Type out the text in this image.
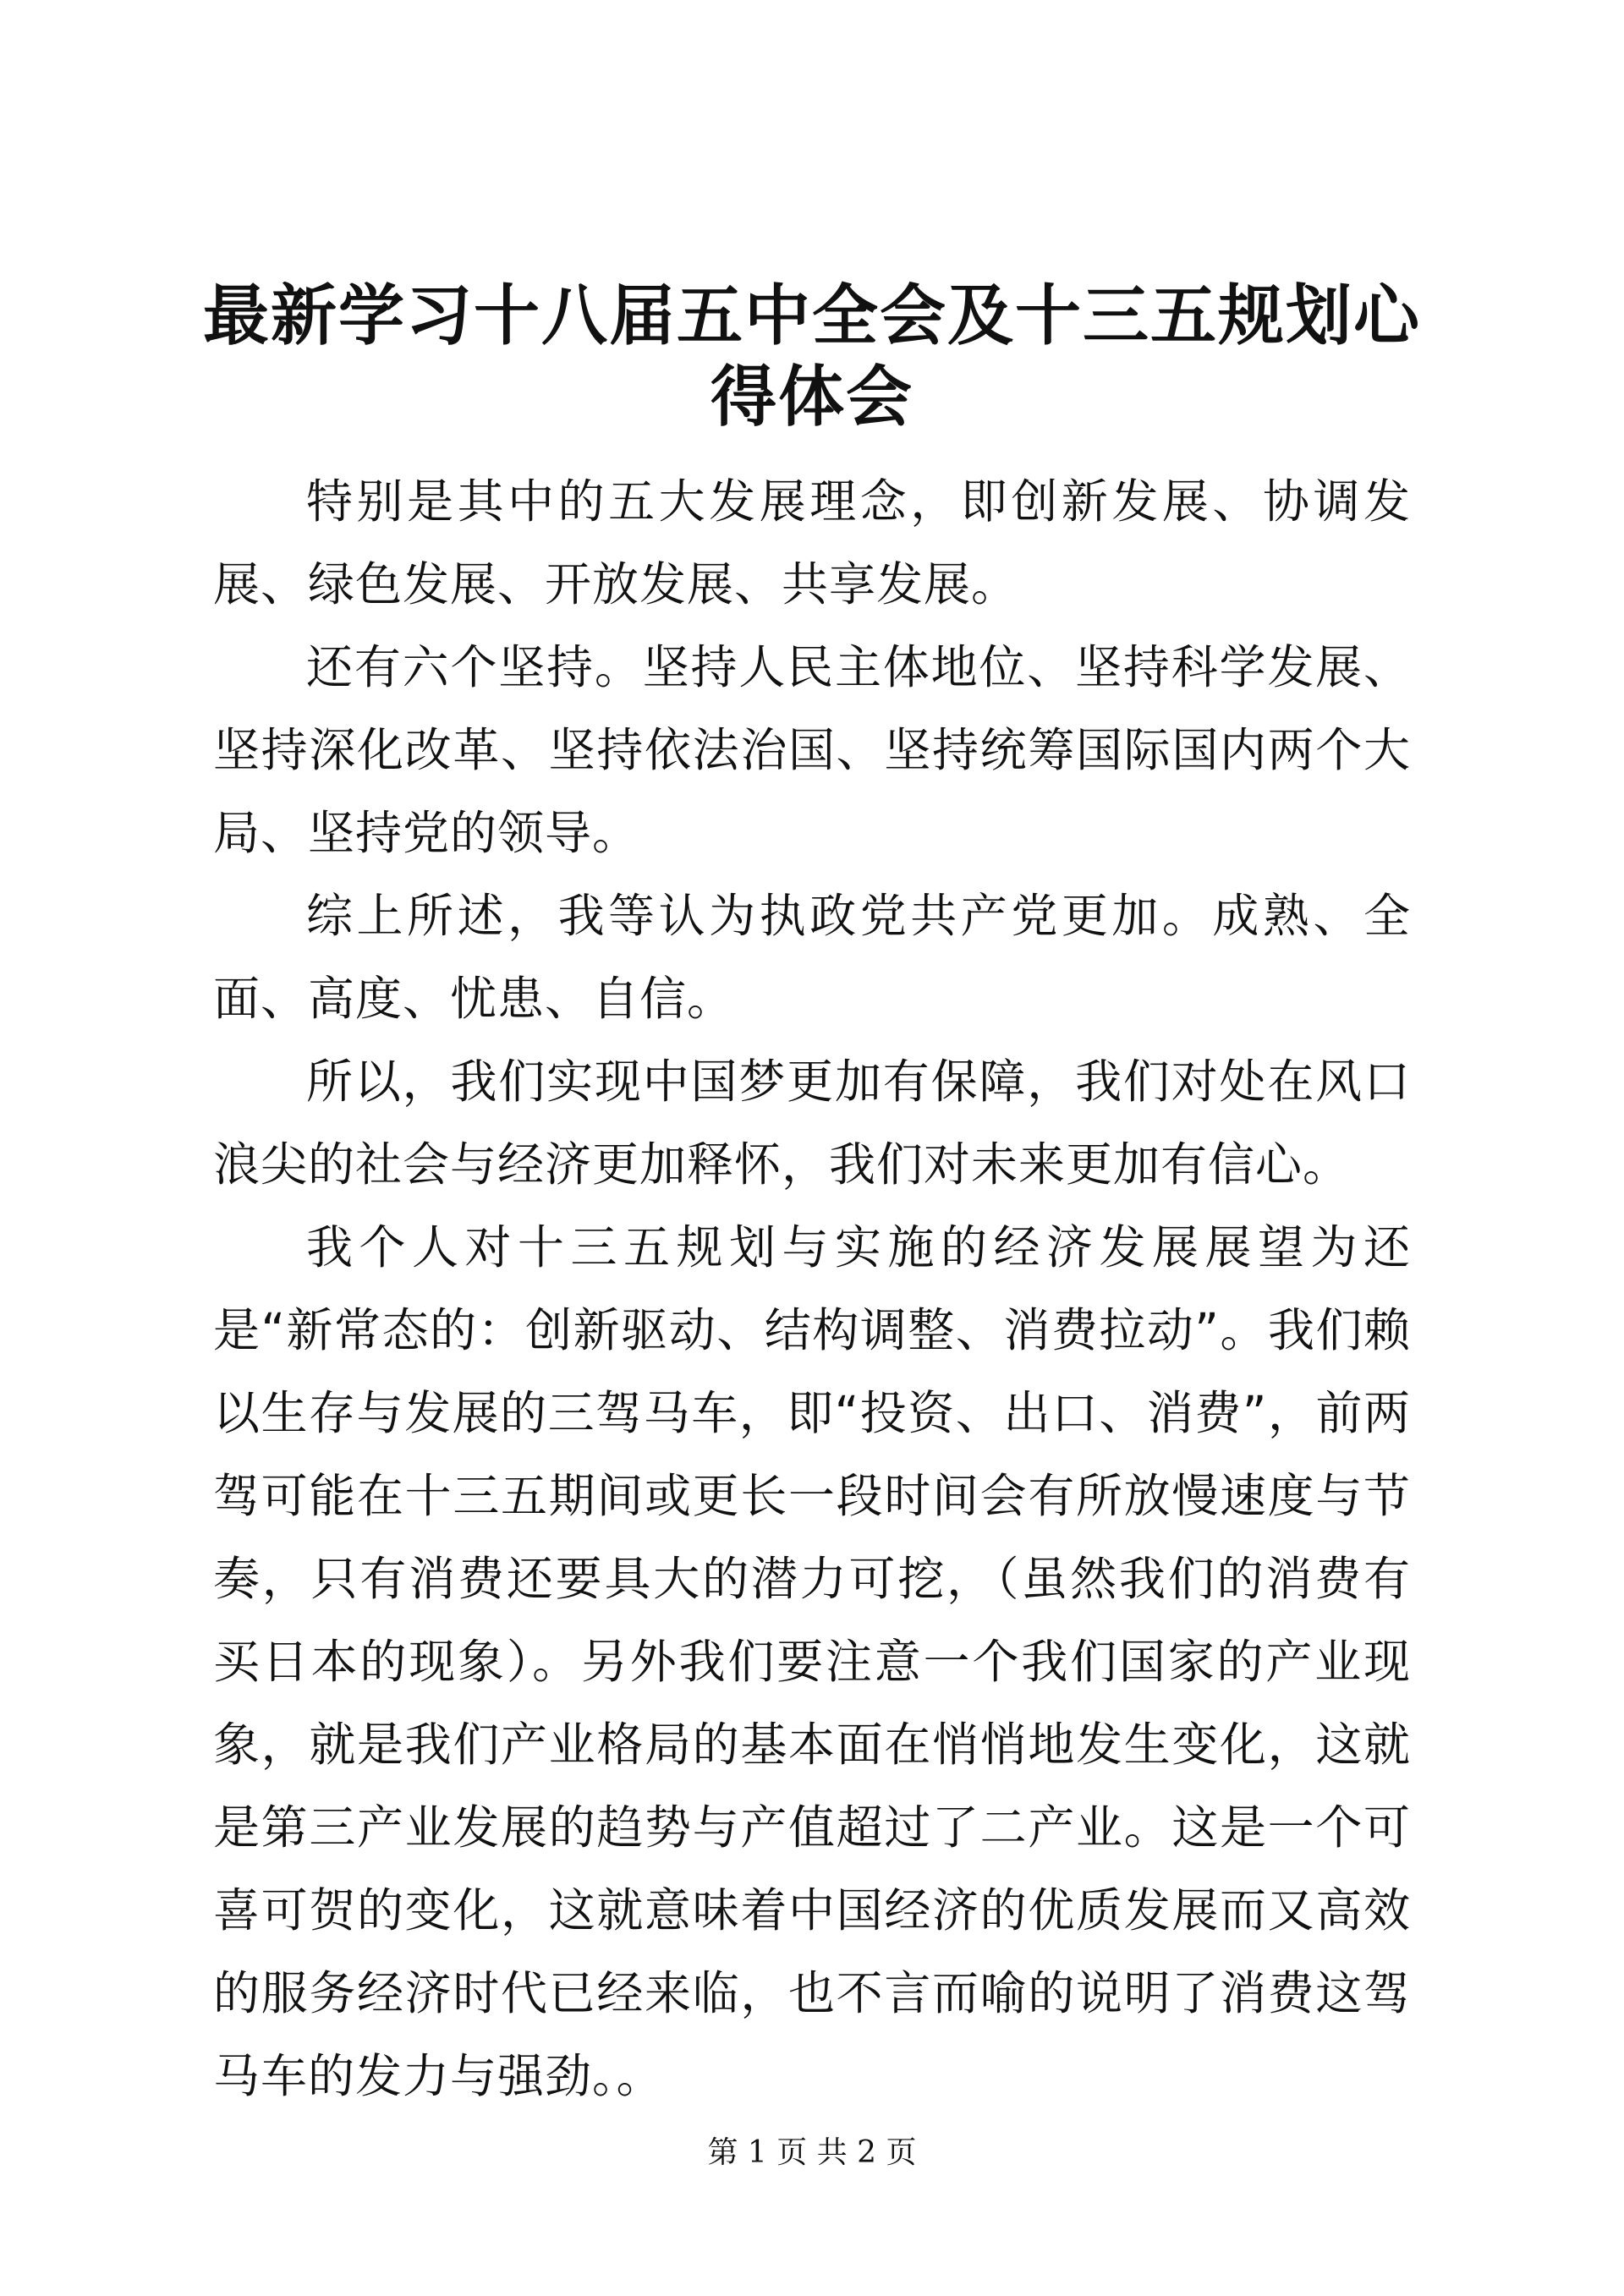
最新学习十八届五中全会及十三五规划心得体会

特别是其中的五大发展理念，即创新发展、协调发展、绿色发展、开放发展、共享发展。

还有六个坚持。坚持人民主体地位、坚持科学发展、坚持深化改革、坚持依法治国、坚持统筹国际国内两个大局、坚持党的领导。

综上所述，我等认为执政党共产党更加。成熟、全面、高度、忧患、自信。

所以，我们实现中国梦更加有保障，我们对处在风口浪尖的社会与经济更加释怀，我们对未来更加有信心。

我个人对十三五规划与实施的经济发展展望为还是“新常态的：创新驱动、结构调整、消费拉动”。我们赖以生存与发展的三驾马车，即“投资、出口、消费”，前两驾可能在十三五期间或更长一段时间会有所放慢速度与节奏，只有消费还要具大的潜力可挖，（虽然我们的消费有买日本的现象）。另外我们要注意一个我们国家的产业现象，就是我们产业格局的基本面在悄悄地发生变化，这就是第三产业发展的趋势与产值超过了二产业。这是一个可喜可贺的变化，这就意味着中国经济的优质发展而又高效的服务经济时代已经来临，也不言而喻的说明了消费这驾马车的发力与强劲。。

第 1 页 共 2 页
